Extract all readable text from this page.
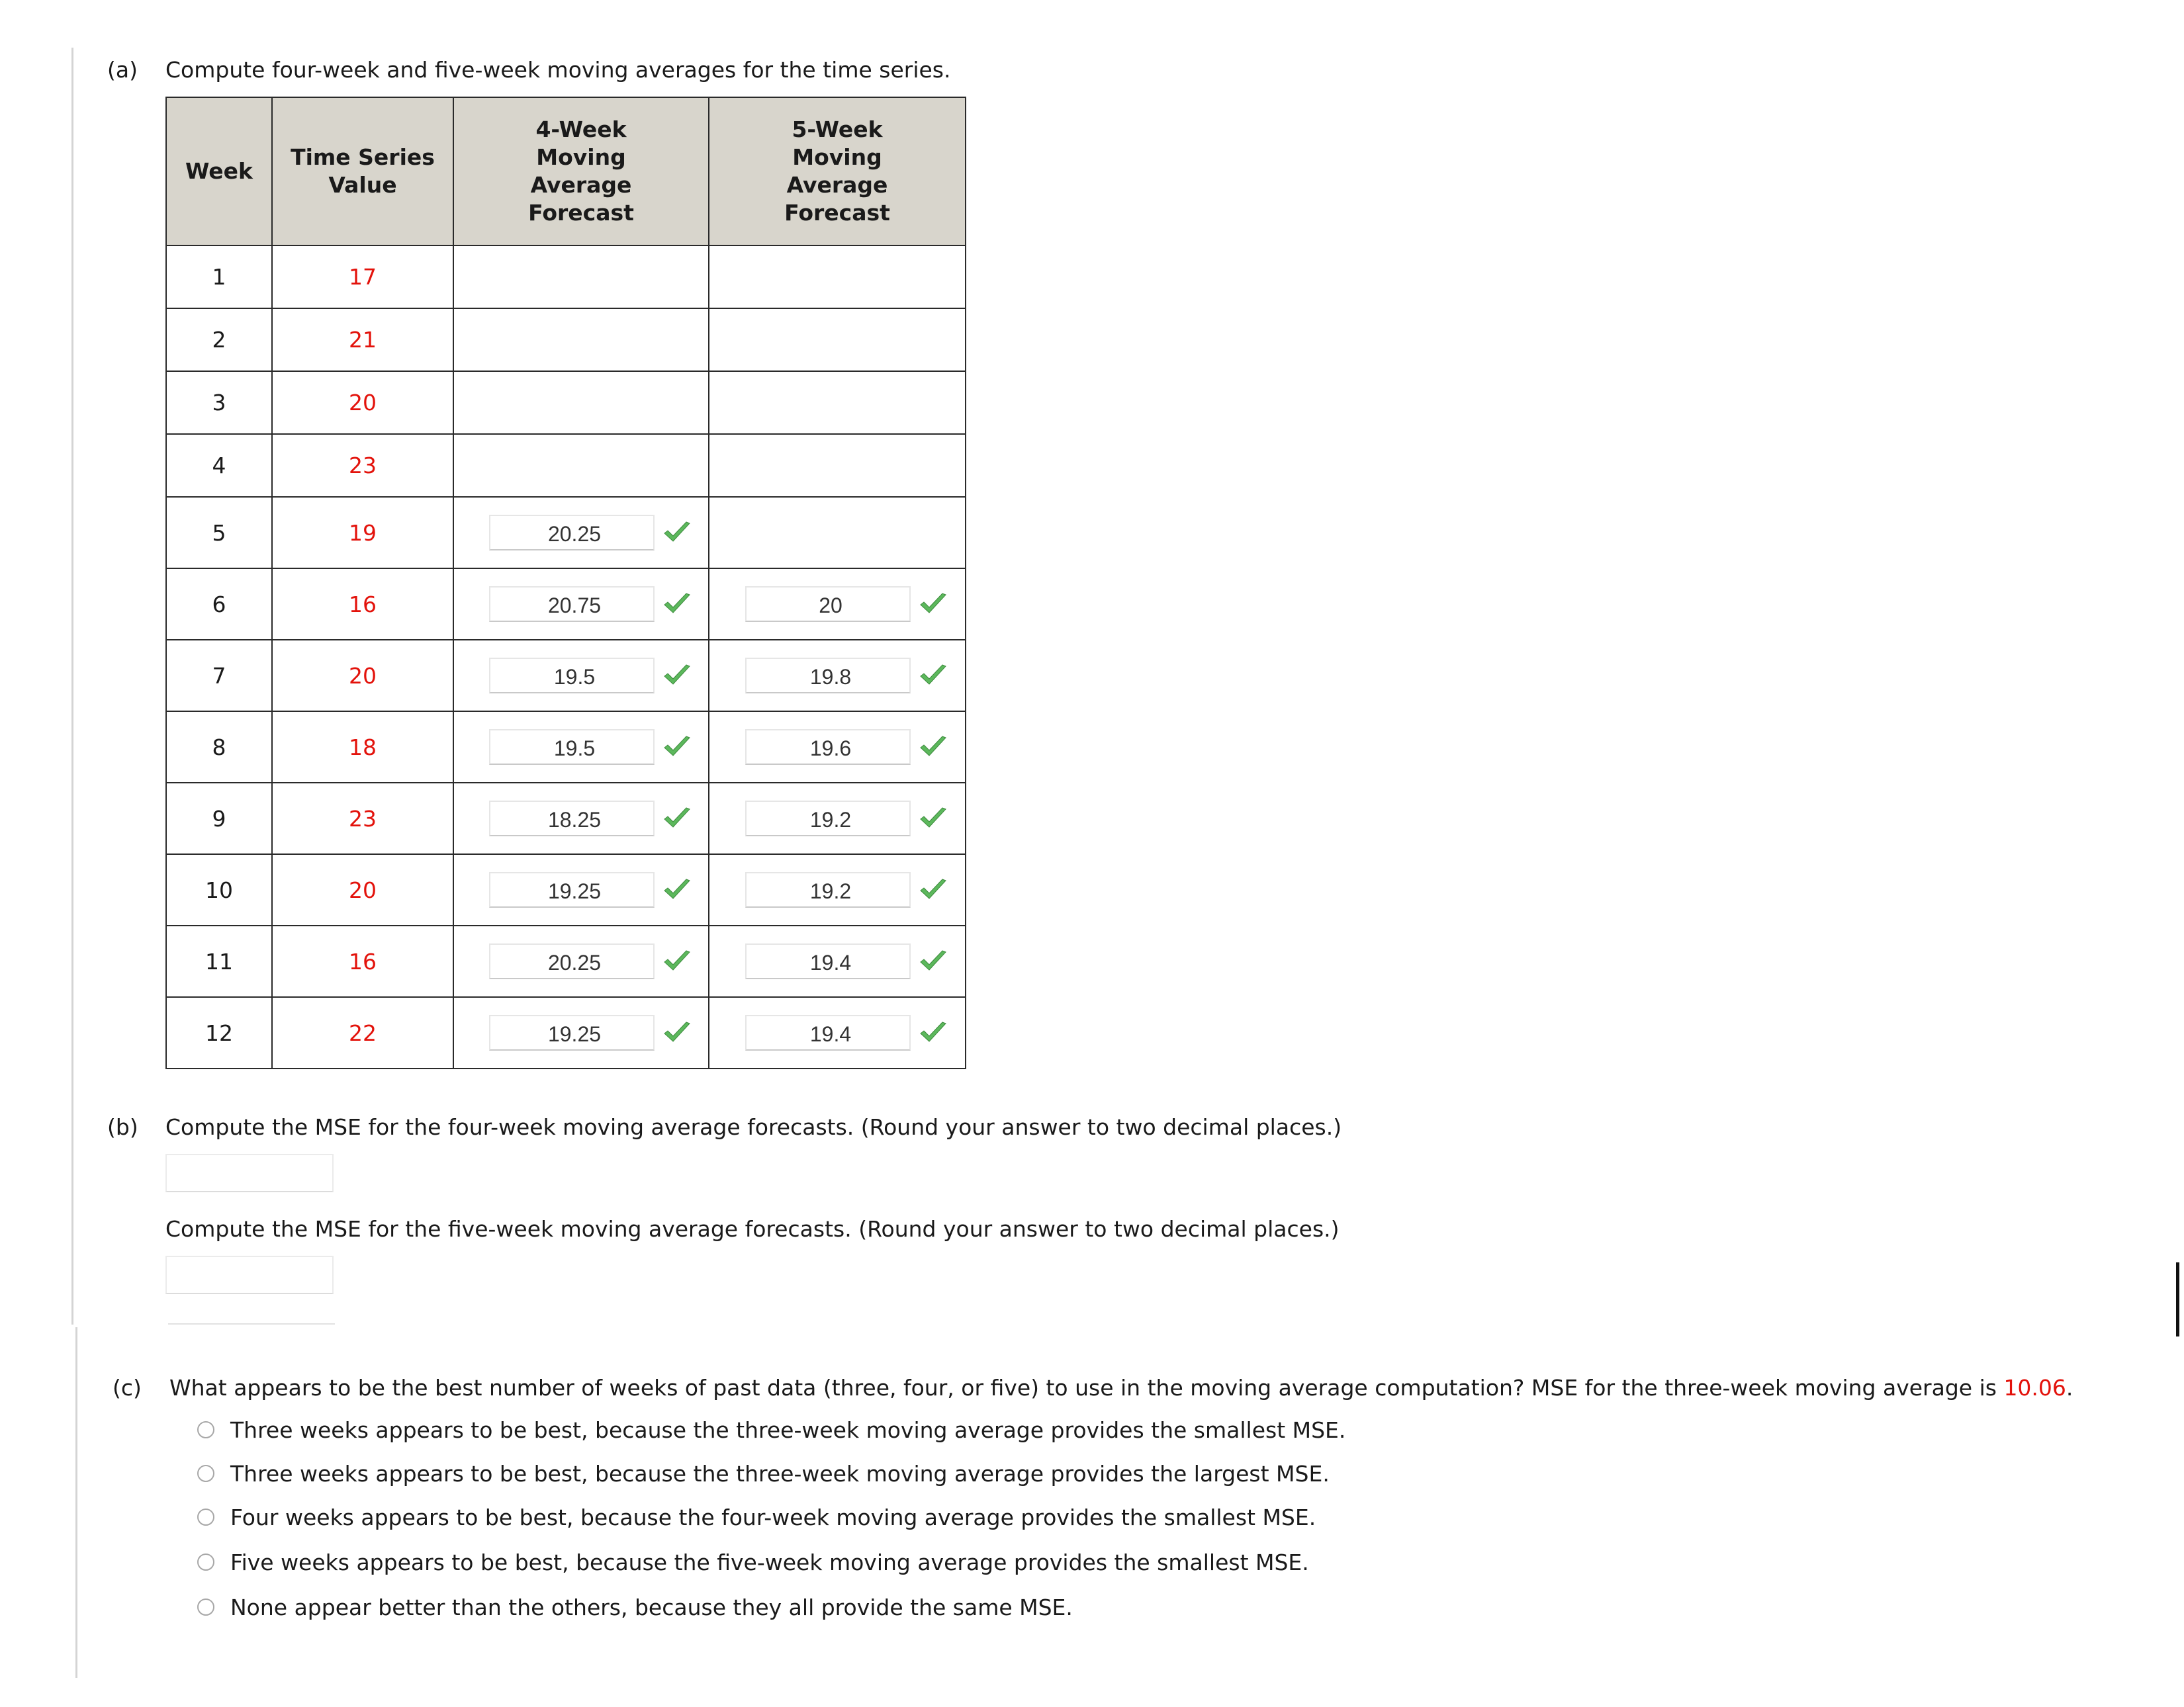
(a) Compute four-week and five-week moving averages for the time series.
Week	Time Series Value	4-Week Moving Average Forecast	5-Week Moving Average Forecast

1	17		
2	21		
3	20		
4	23		
5	19	20.25	
6	16	20.75	20
7	20	19.5	19.8
8	18	19.5	19.6
9	23	18.25	19.2
10	20	19.25	19.2
11	16	20.25	19.4
12	22	19.25	19.4
(b) Compute the MSE for the four-week moving average forecasts. (Round your answer to two decimal places.)
Compute the MSE for the five-week moving average forecasts. (Round your answer to two decimal places.)
(c) What appears to be the best number of weeks of past data (three, four, or five) to use in the moving average computation? MSE for the three-week moving average is 10.06.
Three weeks appears to be best, because the three-week moving average provides the smallest MSE.
Three weeks appears to be best, because the three-week moving average provides the largest MSE.
Four weeks appears to be best, because the four-week moving average provides the smallest MSE.
Five weeks appears to be best, because the five-week moving average provides the smallest MSE.
None appear better than the others, because they all provide the same MSE.
